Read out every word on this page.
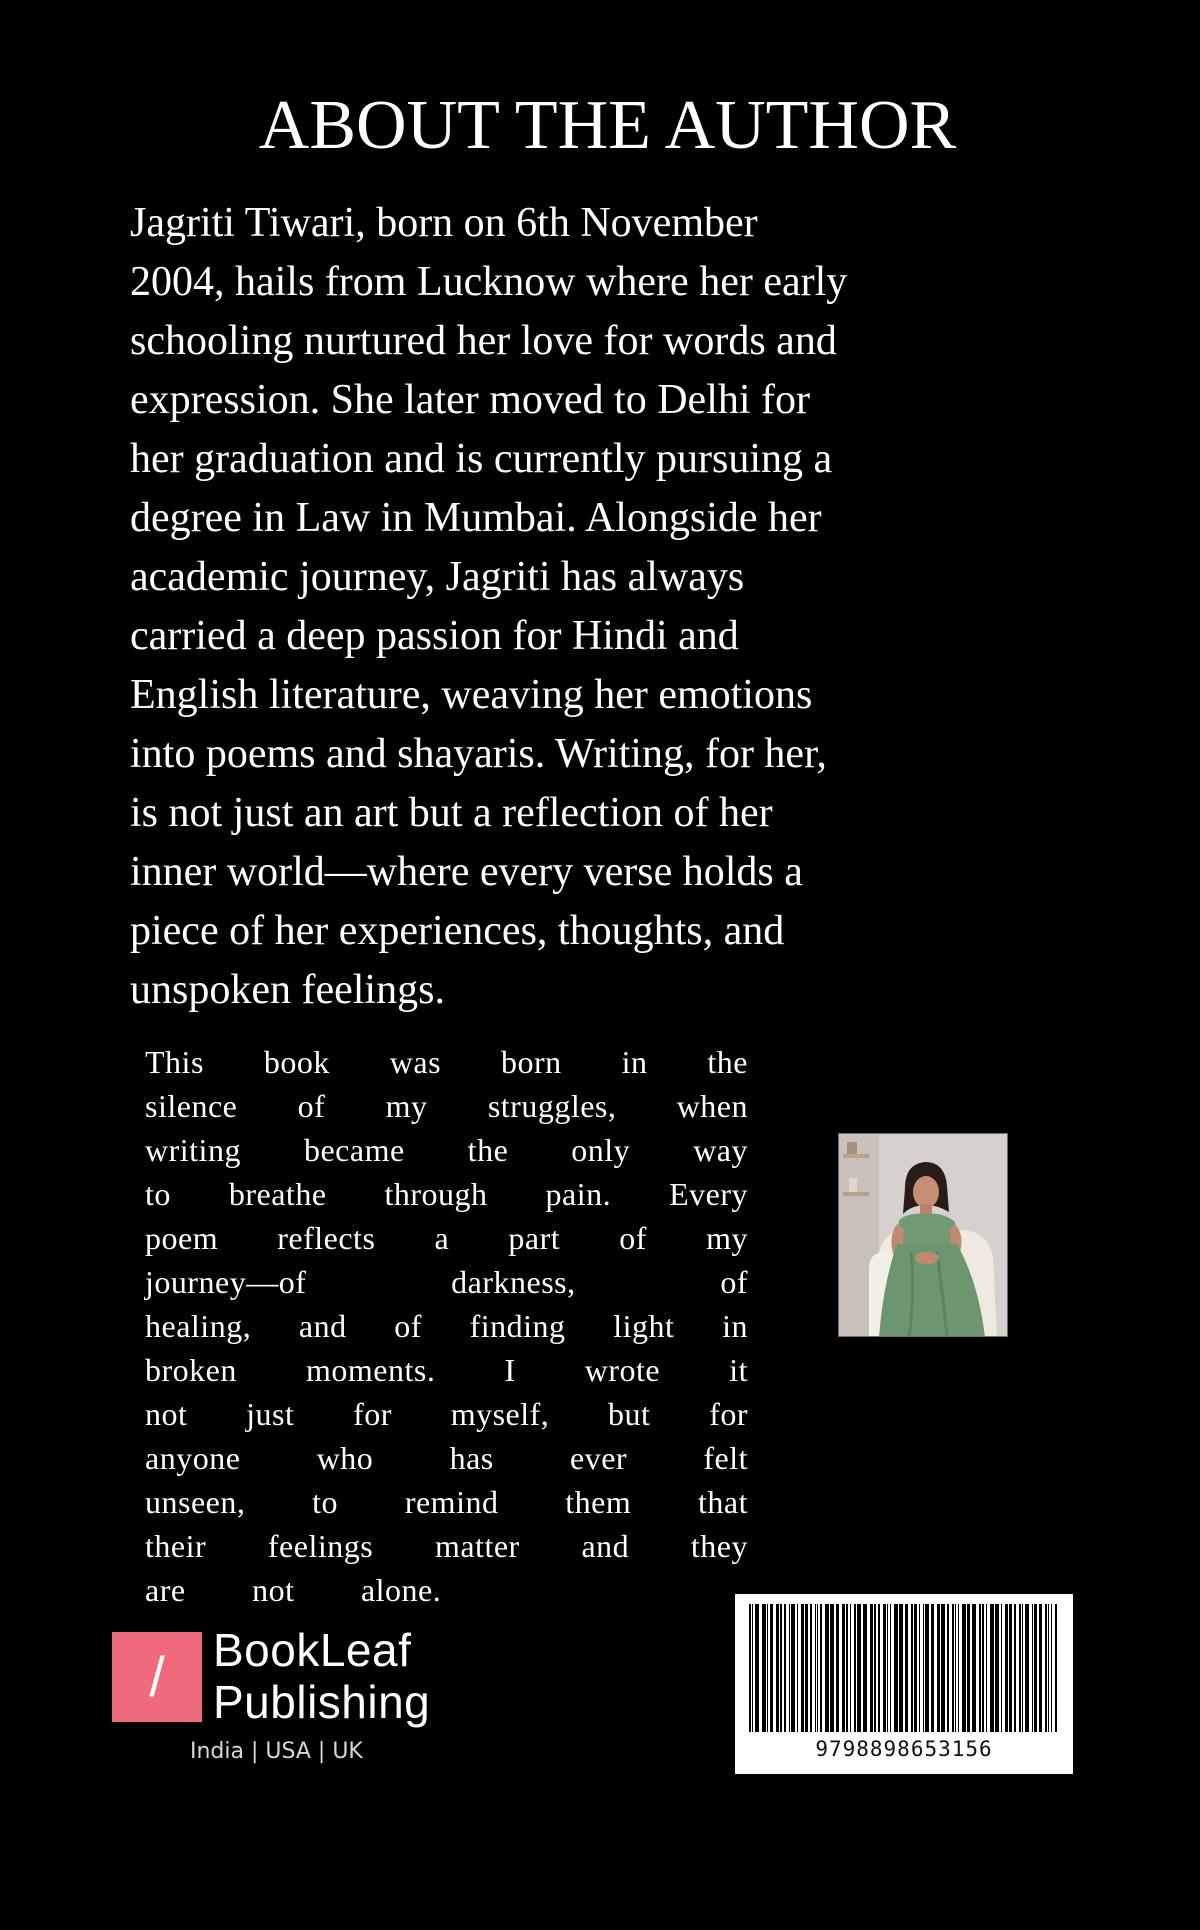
ABOUT THE AUTHOR
Jagriti Tiwari, born on 6th November
2004, hails from Lucknow where her early
schooling nurtured her love for words and
expression. She later moved to Delhi for
her graduation and is currently pursuing a
degree in Law in Mumbai. Alongside her
academic journey, Jagriti has always
carried a deep passion for Hindi and
English literature, weaving her emotions
into poems and shayaris. Writing, for her,
is not just an art but a reflection of her
inner world—where every verse holds a
piece of her experiences, thoughts, and
unspoken feelings.
This book was born in the
silence of my struggles, when
writing became the only way
to breathe through pain. Every
poem reflects a part of my
journey—of darkness, of
healing, and of finding light in
broken moments. I wrote it
not just for myself, but for
anyone who has ever felt
unseen, to remind them that
their feelings matter and they
are not alone.
/	BookLeaf
Publishing
India | USA | UK	9798898653156
